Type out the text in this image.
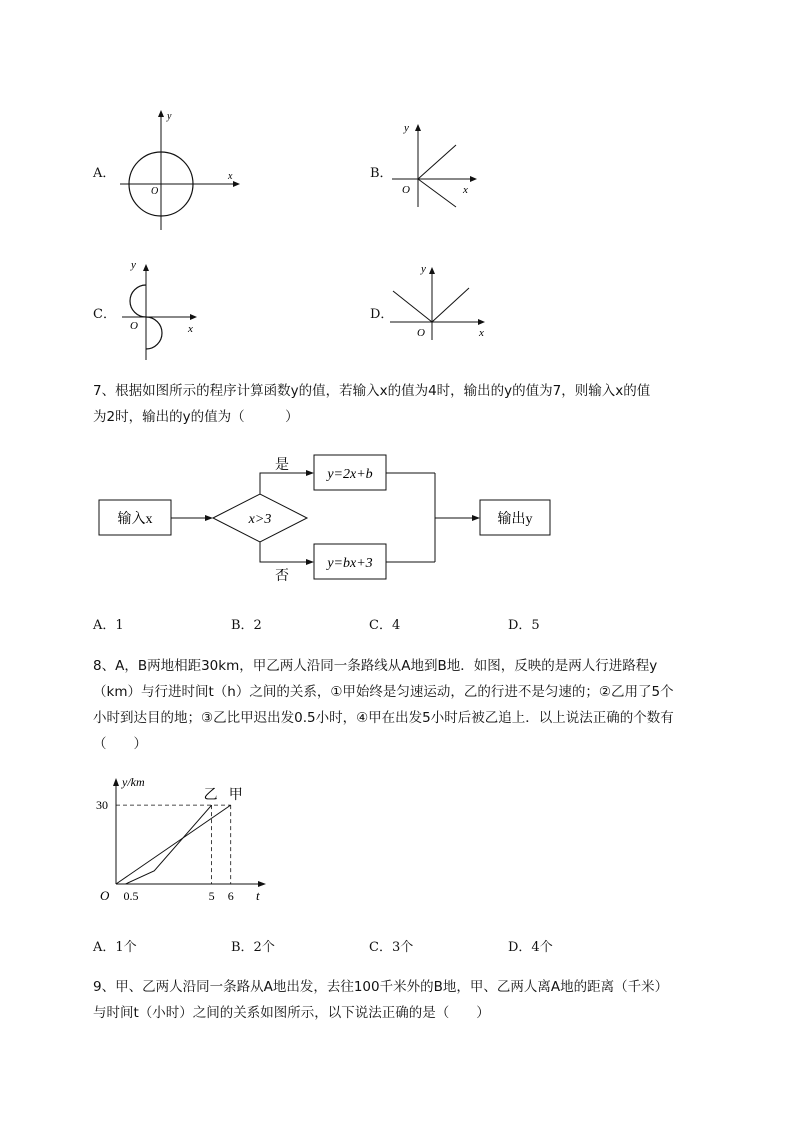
A．
y
x
O
B．
y
x
O
C．
y
x
O
D．
y
x
O
7、根据如图所示的程序计算函数y的值，若输入x的值为4时，输出的y的值为7，则输入x的值
为2时，输出的y的值为（　　　）
输入x	x>3
是
y=2x+b
否
y=bx+3
输出y
A．1	B．2	C．4	D．5
8、A，B两地相距30km，甲乙两人沿同一条路线从A地到B地．如图，反映的是两人行进路程y
（km）与行进时间t（h）之间的关系，①甲始终是匀速运动，乙的行进不是匀速的；②乙用了5个
小时到达目的地；③乙比甲迟出发0.5小时，④甲在出发5小时后被乙追上．以上说法正确的个数有
（　　）
y/km
t
O
30
0.5	5 6
甲
乙
A．1个	B．2个	C．3个	D．4个
9、甲、乙两人沿同一条路从A地出发，去往100千米外的B地，甲、乙两人离A地的距离（千米）
与时间t（小时）之间的关系如图所示，以下说法正确的是（　　）
